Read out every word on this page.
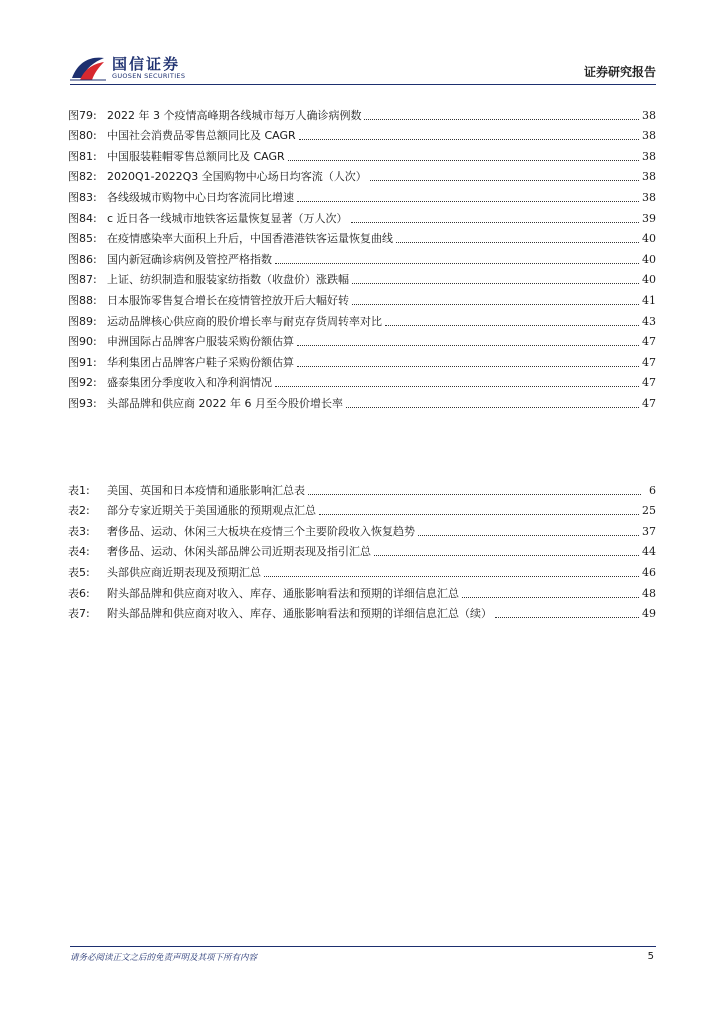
国信证券
GUOSEN SECURITIES	证券研究报告
图79: 2022 年 3 个疫情高峰期各线城市每万人确诊病例数	38
图80: 中国社会消费品零售总额同比及 CAGR	38
图81: 中国服装鞋帽零售总额同比及 CAGR	38
图82: 2020Q1-2022Q3 全国购物中心场日均客流（人次）	38
图83: 各线级城市购物中心日均客流同比增速	38
图84: c 近日各一线城市地铁客运量恢复显著（万人次）	39
图85: 在疫情感染率大面积上升后，中国香港港铁客运量恢复曲线	40
图86: 国内新冠确诊病例及管控严格指数	40
图87: 上证、纺织制造和服装家纺指数（收盘价）涨跌幅	40
图88: 日本服饰零售复合增长在疫情管控放开后大幅好转	41
图89: 运动品牌核心供应商的股价增长率与耐克存货周转率对比	43
图90: 申洲国际占品牌客户服装采购份额估算	47
图91: 华利集团占品牌客户鞋子采购份额估算	47
图92: 盛泰集团分季度收入和净利润情况	47
图93: 头部品牌和供应商 2022 年 6 月至今股价增长率	47
表1:	美国、英国和日本疫情和通胀影响汇总表	6
表2:	部分专家近期关于美国通胀的预期观点汇总	25
表3:	奢侈品、运动、休闲三大板块在疫情三个主要阶段收入恢复趋势	37
表4:	奢侈品、运动、休闲头部品牌公司近期表现及指引汇总	44
表5:	头部供应商近期表现及预期汇总	46
表6:	附头部品牌和供应商对收入、库存、通胀影响看法和预期的详细信息汇总	48
表7:	附头部品牌和供应商对收入、库存、通胀影响看法和预期的详细信息汇总（续）	49
请务必阅读正文之后的免责声明及其项下所有内容	5
